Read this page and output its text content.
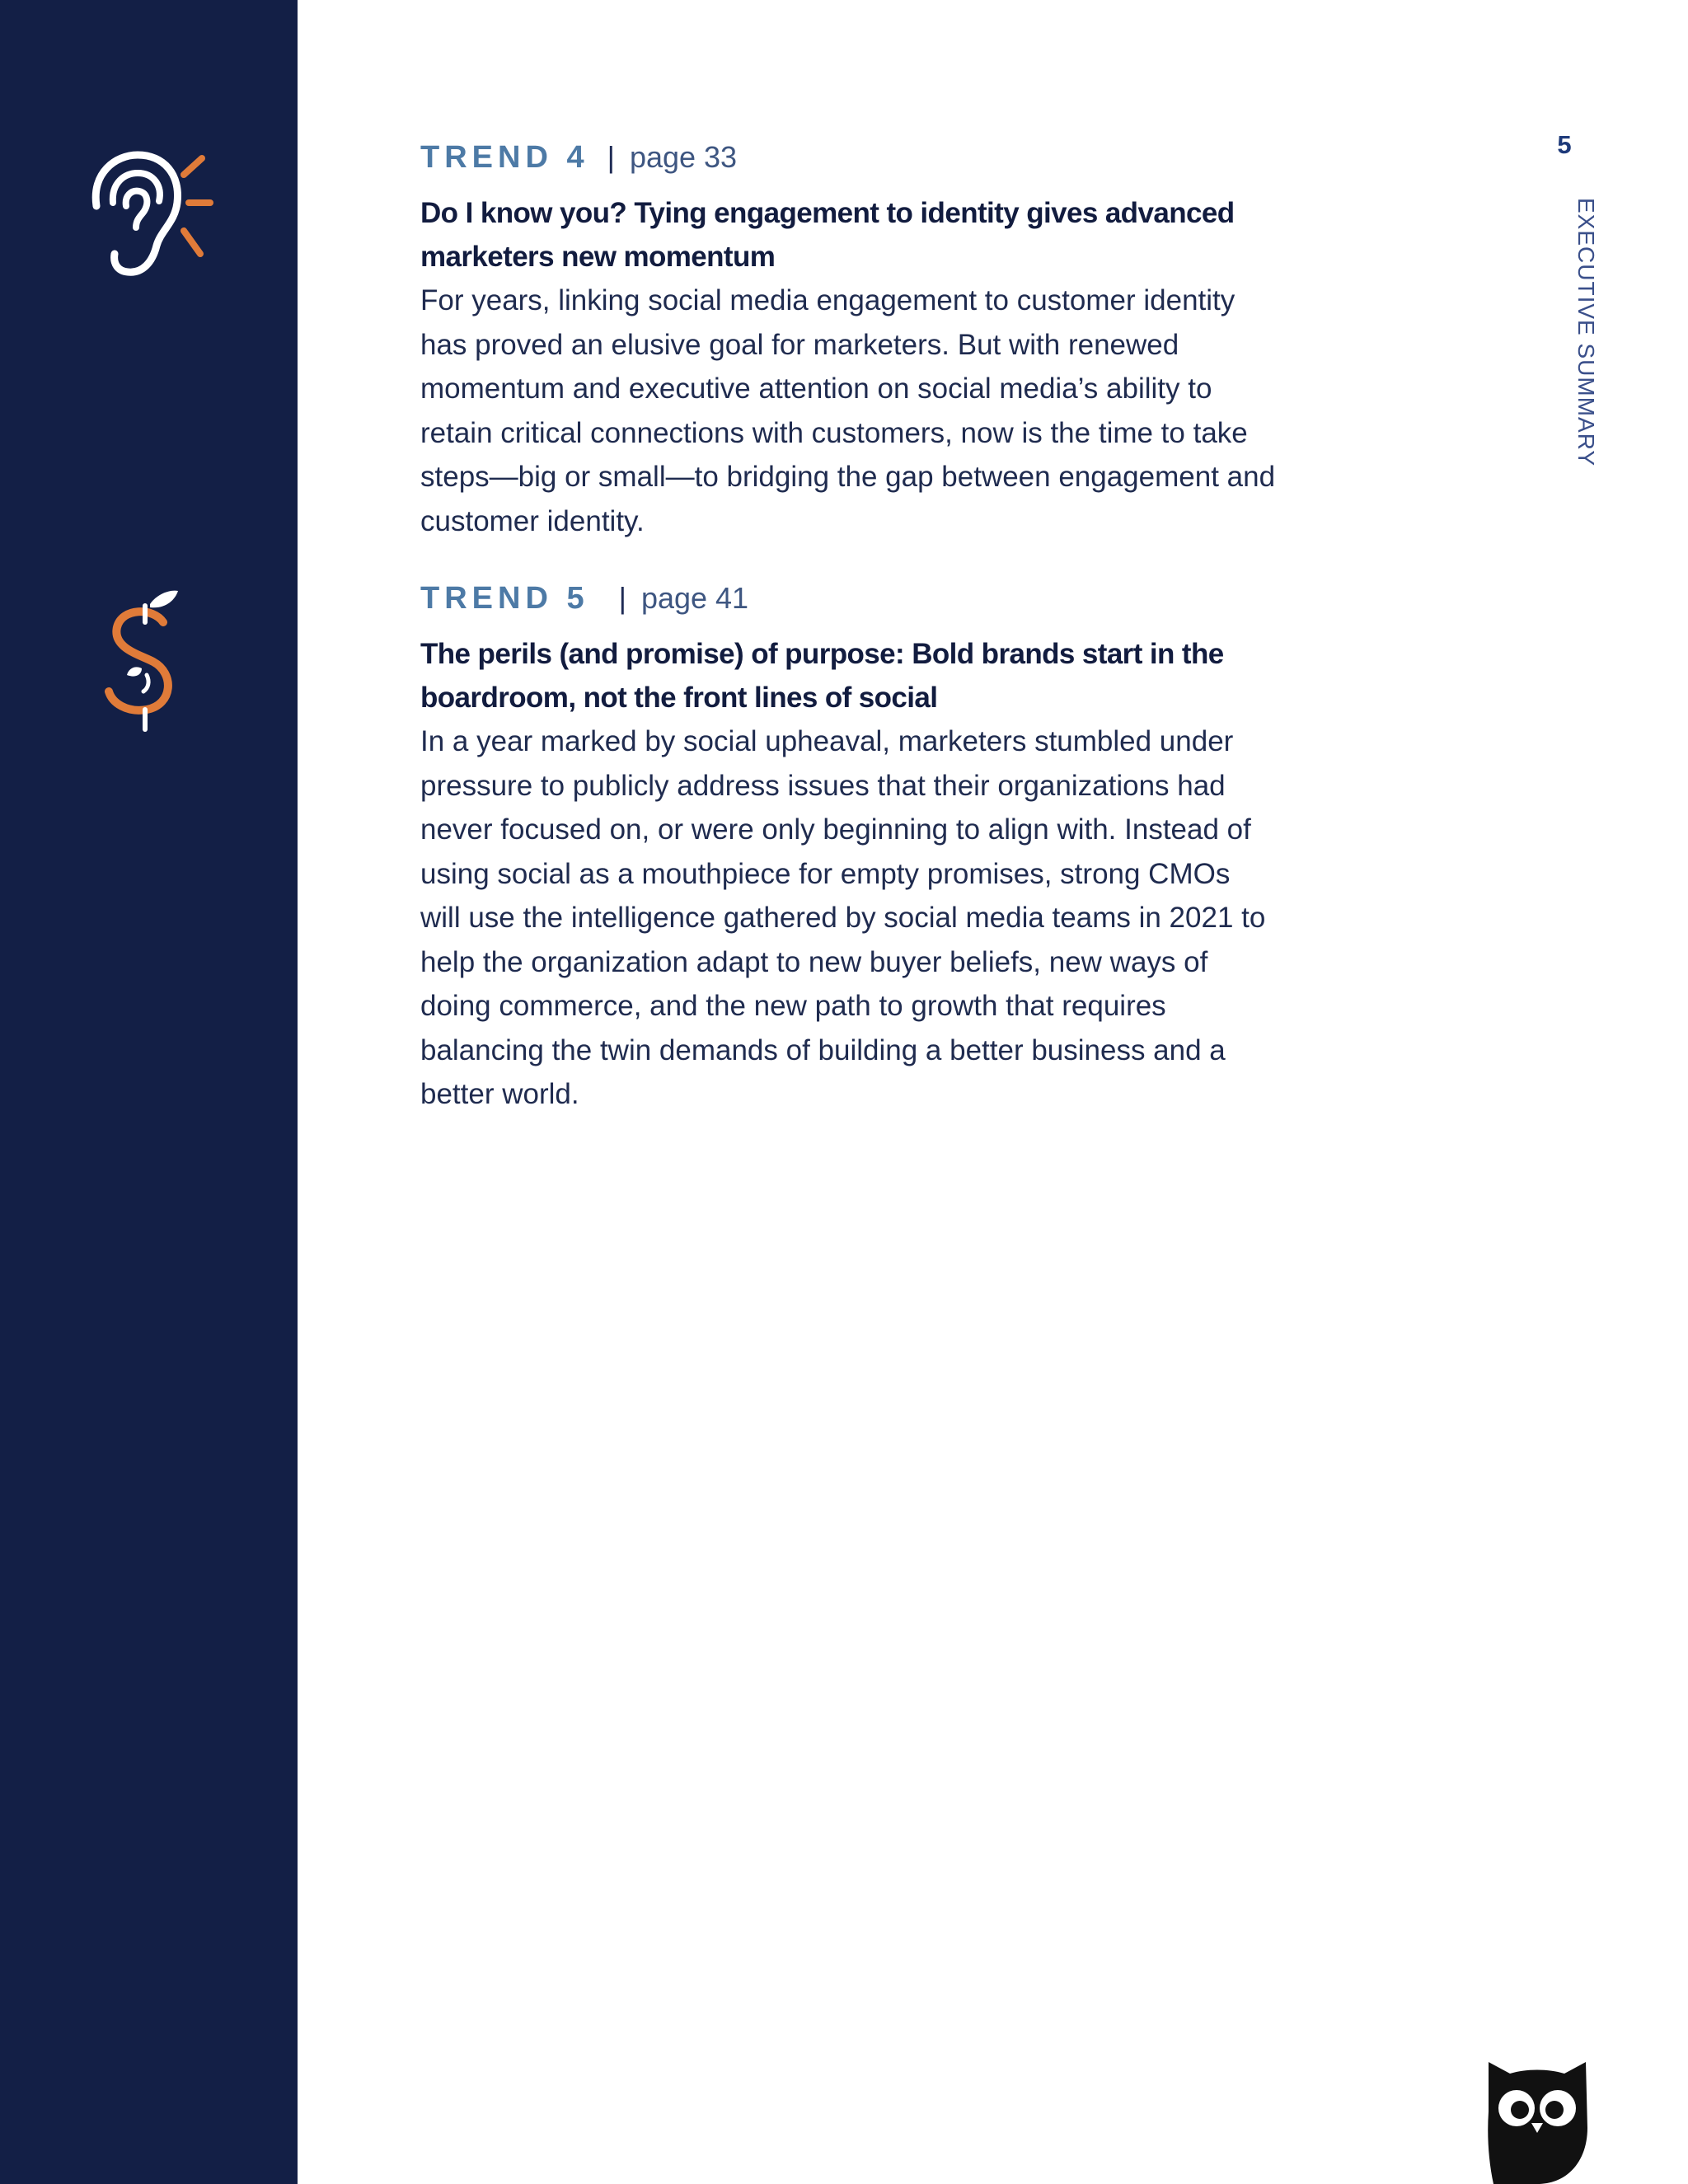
5
EXECUTIVE SUMMARY
TREND 4 | page 33
Do I know you? Tying engagement to identity gives advanced marketers new momentum
For years, linking social media engagement to customer identity has proved an elusive goal for marketers. But with renewed momentum and executive attention on social media’s ability to retain critical connections with customers, now is the time to take steps—big or small—to bridging the gap between engagement and customer identity.
TREND 5 | page 41
The perils (and promise) of purpose: Bold brands start in the boardroom, not the front lines of social
In a year marked by social upheaval, marketers stumbled under pressure to publicly address issues that their organizations had never focused on, or were only beginning to align with. Instead of using social as a mouthpiece for empty promises, strong CMOs will use the intelligence gathered by social media teams in 2021 to help the organization adapt to new buyer beliefs, new ways of doing commerce, and the new path to growth that requires balancing the twin demands of building a better business and a better world.
